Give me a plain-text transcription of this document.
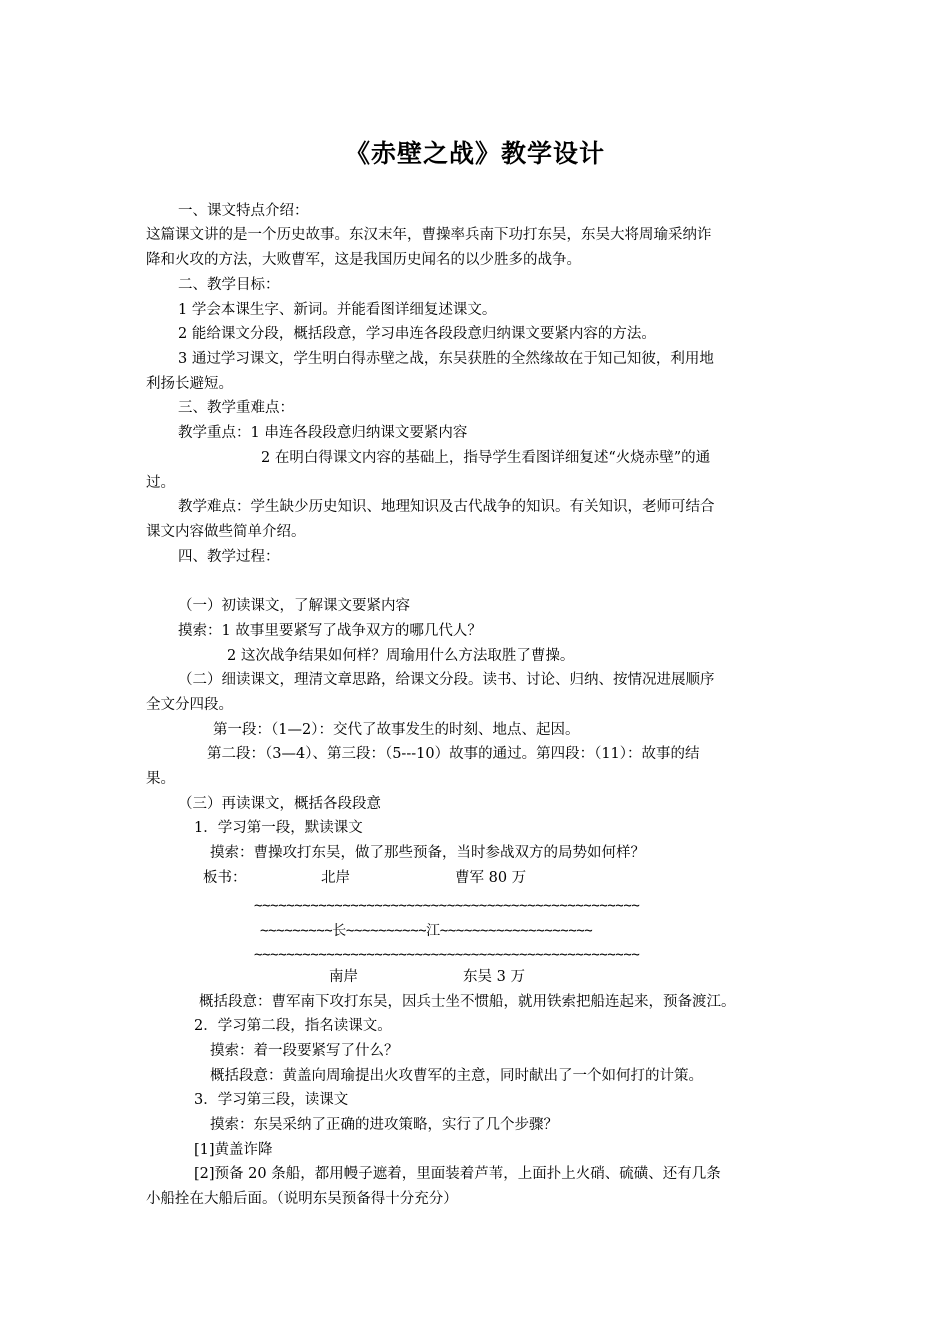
《赤壁之战》教学设计
一、课文特点介绍：
这篇课文讲的是一个历史故事。东汉末年，曹操率兵南下功打东吴，东吴大将周瑜采纳诈
降和火攻的方法，大败曹军，这是我国历史闻名的以少胜多的战争。
二、教学目标：
1 学会本课生字、新词。并能看图详细复述课文。
2 能给课文分段，概括段意，学习串连各段段意归纳课文要紧内容的方法。
3 通过学习课文，学生明白得赤壁之战，东吴获胜的全然缘故在于知己知彼，利用地
利扬长避短。
三、教学重难点：
教学重点：1 串连各段段意归纳课文要紧内容
2 在明白得课文内容的基础上，指导学生看图详细复述“火烧赤壁”的通
过。
教学难点：学生缺少历史知识、地理知识及古代战争的知识。有关知识，老师可结合
课文内容做些简单介绍。
四、教学过程：
（一）初读课文，了解课文要紧内容
摸索：1 故事里要紧写了战争双方的哪几代人？
2 这次战争结果如何样？周瑜用什么方法取胜了曹操。
（二）细读课文，理清文章思路，给课文分段。读书、讨论、归纳、按情况进展顺序
全文分四段。
第一段：（1—2）：交代了故事发生的时刻、地点、起因。
第二段：（3—4）、第三段：（5---10）故事的通过。第四段：（11）：故事的结
果。
（三）再读课文，概括各段段意
1．学习第一段，默读课文
摸索：曹操攻打东吴，做了那些预备，当时参战双方的局势如何样？
板书：	北岸	曹军 80 万
~~~~~~~~~~~~~~~~~~~~~~~~~~~~~~~~~~~~~~~~~~~~~~~~
~~~~~~~~~长~~~~~~~~~~江~~~~~~~~~~~~~~~~~~~
~~~~~~~~~~~~~~~~~~~~~~~~~~~~~~~~~~~~~~~~~~~~~~~~
南岸	东吴 3 万
概括段意：曹军南下攻打东吴，因兵士坐不惯船，就用铁索把船连起来，预备渡江。
2．学习第二段，指名读课文。
摸索：着一段要紧写了什么？
概括段意：黄盖向周瑜提出火攻曹军的主意，同时献出了一个如何打的计策。
3．学习第三段，读课文
摸索：东吴采纳了正确的进攻策略，实行了几个步骤？
[1]黄盖诈降
[2]预备 20 条船，都用幔子遮着，里面装着芦苇，上面扑上火硝、硫磺、还有几条
小船拴在大船后面。（说明东吴预备得十分充分）
